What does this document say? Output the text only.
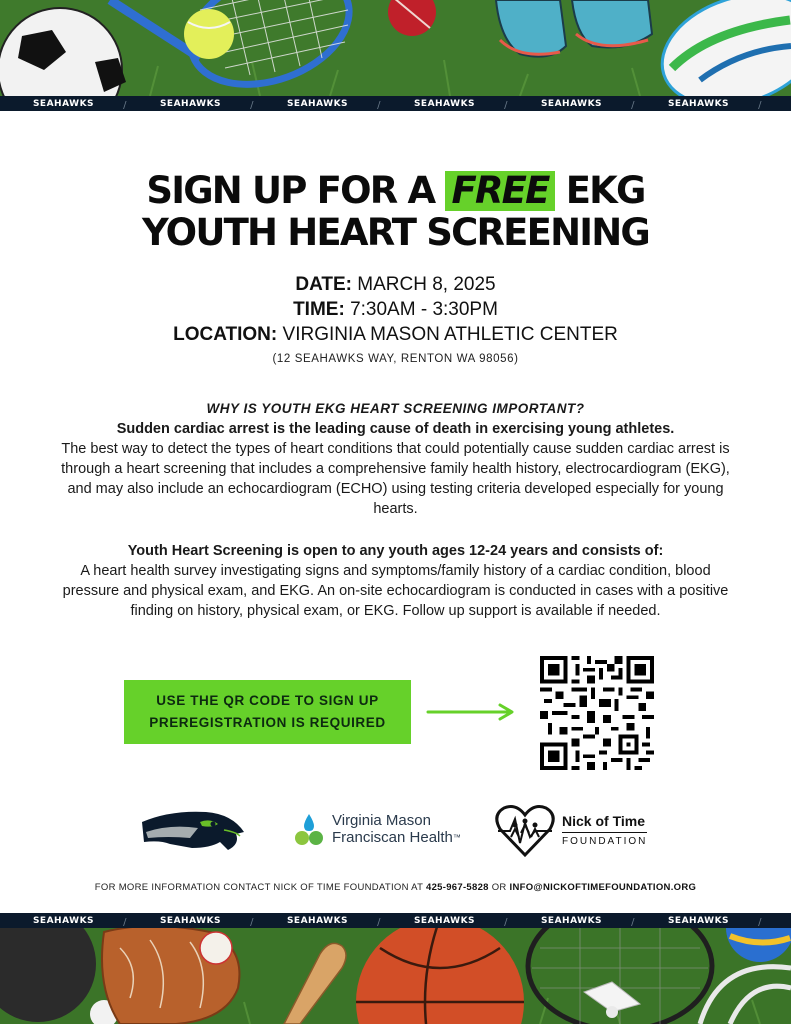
SEAHAWKS	/	SEAHAWKS	/	SEAHAWKS	/	SEAHAWKS	/	SEAHAWKS	/	SEAHAWKS	/
SIGN UP FOR A FREE EKG
YOUTH HEART SCREENING
DATE: MARCH 8, 2025
TIME: 7:30AM - 3:30PM
LOCATION: VIRGINIA MASON ATHLETIC CENTER
(12 SEAHAWKS WAY, RENTON WA 98056)
WHY IS YOUTH EKG HEART SCREENING IMPORTANT?
Sudden cardiac arrest is the leading cause of death in exercising young athletes.
The best way to detect the types of heart conditions that could potentially cause sudden cardiac arrest is through a heart screening that includes a comprehensive family health history, electrocardiogram (EKG), and may also include an echocardiogram (ECHO) using testing criteria developed especially for young hearts.
Youth Heart Screening is open to any youth ages 12-24 years and consists of:
A heart health survey investigating signs and symptoms/family history of a cardiac condition, blood pressure and physical exam, and EKG. An on-site echocardiogram is conducted in cases with a positive finding on history, physical exam, or EKG. Follow up support is available if needed.
USE THE QR CODE TO SIGN UP
PREREGISTRATION IS REQUIRED
Virginia Mason
Franciscan Health™
Nick of Time
FOUNDATION
FOR MORE INFORMATION CONTACT NICK OF TIME FOUNDATION AT 425-967-5828 OR INFO@NICKOFTIMEFOUNDATION.ORG
SEAHAWKS	/	SEAHAWKS	/	SEAHAWKS	/	SEAHAWKS	/	SEAHAWKS	/	SEAHAWKS	/
